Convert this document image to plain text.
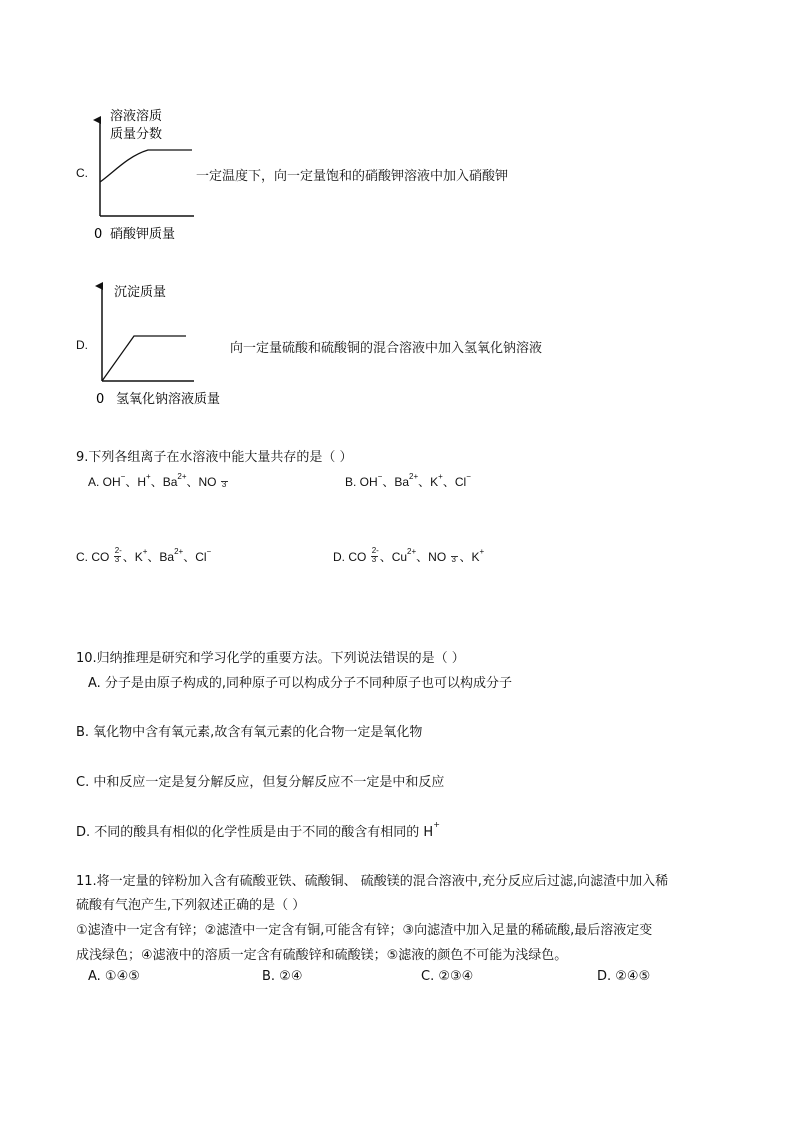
C.
溶液溶质
质量分数
0 硝酸钾质量
一定温度下，向一定量饱和的硝酸钾溶液中加入硝酸钾
D.
沉淀质量
0 氢氧化钠溶液质量
向一定量硫酸和硫酸铜的混合溶液中加入氢氧化钠溶液
9.下列各组离子在水溶液中能大量共存的是（ ）
A. OH−、H+、$Ba^{2+}$、NO 3	B. OH−、$Ba^{2+}$、K+、Cl−
C. CO $\frac{2-}{3}$ 、K+、$Ba^{2+}$、Cl−	D. CO $\frac{2-}{3}$ 、$Cu^{2+}$、NO 3 、K+
10.归纳推理是研究和学习化学的重要方法。下列说法错误的是（ ）
A. 分子是由原子构成的,同种原子可以构成分子不同种原子也可以构成分子
B. 氧化物中含有氧元素,故含有氧元素的化合物一定是氧化物
C. 中和反应一定是复分解反应，但复分解反应不一定是中和反应
D. 不同的酸具有相似的化学性质是由于不同的酸含有相同的 H+
11.将一定量的锌粉加入含有硫酸亚铁、硫酸铜、 硫酸镁的混合溶液中,充分反应后过滤,向滤渣中加入稀
硫酸有气泡产生,下列叙述正确的是（ ）
①滤渣中一定含有锌；②滤渣中一定含有铜,可能含有锌；③向滤渣中加入足量的稀硫酸,最后溶液定变
成浅绿色；④滤液中的溶质一定含有硫酸锌和硫酸镁；⑤滤液的颜色不可能为浅绿色。
A. ①④⑤	B. ②④	C. ②③④	D. ②④⑤
